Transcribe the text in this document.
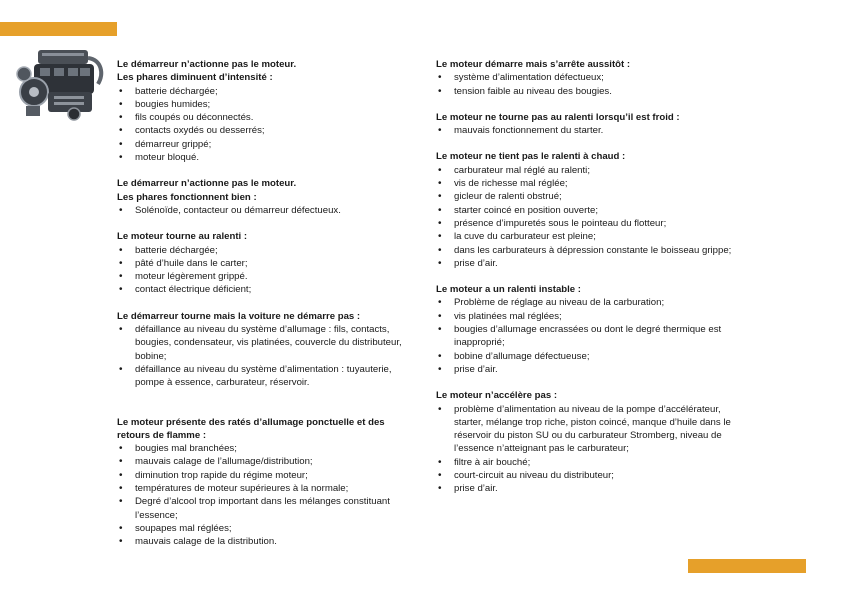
Le démarreur n’actionne pas le moteur.
Les phares diminuent d’intensité :
• batterie déchargée;
• bougies humides;
• fils coupés ou déconnectés.
• contacts oxydés ou desserrés;
• démarreur grippé;
• moteur bloqué.
Le démarreur n’actionne pas le moteur.
Les phares fonctionnent bien :
• Solénoïde, contacteur ou démarreur défectueux.
Le moteur tourne au ralenti :
• batterie déchargée;
• pâté d’huile dans le carter;
• moteur légèrement grippé.
• contact électrique déficient;
Le démarreur tourne mais la voiture ne démarre pas :
• défaillance au niveau du système d’allumage : fils, contacts, bougies, condensateur, vis platinées, couvercle du distributeur, bobine;
• défaillance au niveau du système d’alimentation : tuyauterie, pompe à essence, carburateur, réservoir.
Le moteur présente des ratés d’allumage ponctuelle et des retours de flamme :
• bougies mal branchées;
• mauvais calage de l’allumage/distribution;
• diminution trop rapide du régime moteur;
• températures de moteur supérieures à la normale;
• Degré d’alcool trop important dans les mélanges constituant l’essence;
• soupapes mal réglées;
• mauvais calage de la distribution.
Le moteur démarre mais s’arrête aussitôt :
• système d’alimentation défectueux;
• tension faible au niveau des bougies.
Le moteur ne tourne pas au ralenti lorsqu’il est froid :
• mauvais fonctionnement du starter.
Le moteur ne tient pas le ralenti à chaud :
• carburateur mal réglé au ralenti;
• vis de richesse mal réglée;
• gicleur de ralenti obstrué;
• starter coincé en position ouverte;
• présence d’impuretés sous le pointeau du flotteur;
• la cuve du carburateur est pleine;
• dans les carburateurs à dépression constante le boisseau grippe;
• prise d’air.
Le moteur a un ralenti instable :
• Problème de réglage au niveau de la carburation;
• vis platinées mal réglées;
• bougies d’allumage encrassées ou dont le degré thermique est inapproprié;
• bobine d’allumage défectueuse;
• prise d’air.
Le moteur n’accélère pas :
• problème d’alimentation au niveau de la pompe d’accélérateur, starter, mélange trop riche, piston coincé, manque d’huile dans le réservoir du piston SU ou du carburateur Stromberg, niveau de l’essence n’atteignant pas le carburateur;
• filtre à air bouché;
• court-circuit au niveau du distributeur;
• prise d’air.
